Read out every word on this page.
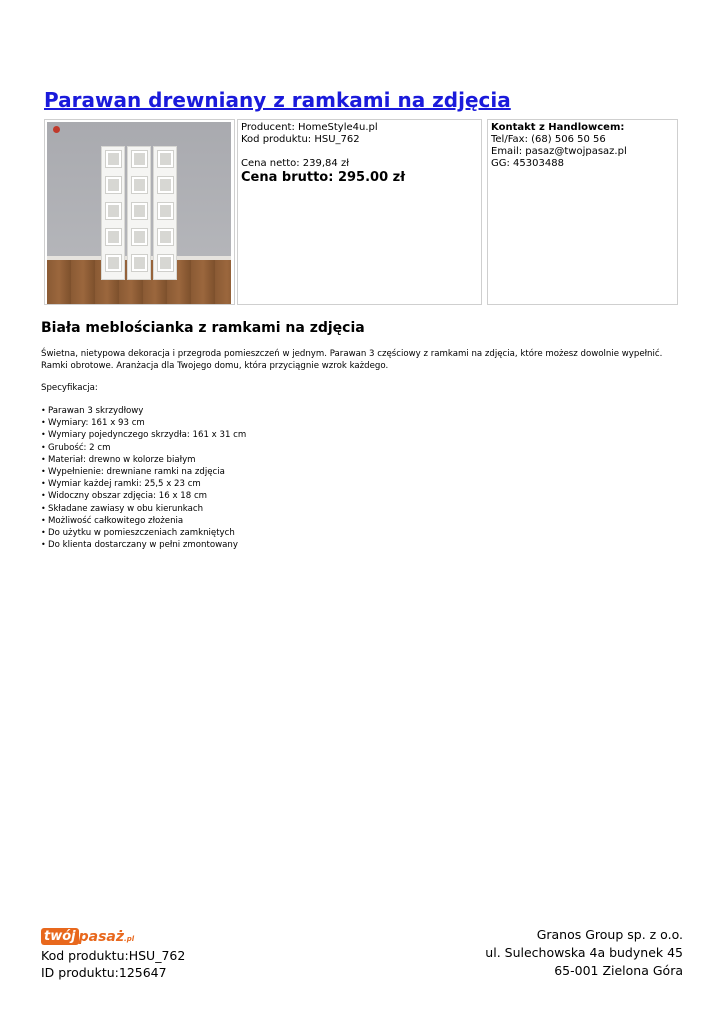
Parawan drewniany z ramkami na zdjęcia
Producent: HomeStyle4u.pl
Kod produktu: HSU_762
Cena netto: 239,84 zł
Cena brutto: 295.00 zł
Kontakt z Handlowcem:
Tel/Fax: (68) 506 50 56
Email: pasaz@twojpasaz.pl
GG: 45303488
Biała meblościanka z ramkami na zdjęcia
Świetna, nietypowa dekoracja i przegroda pomieszczeń w jednym. Parawan 3 częściowy z ramkami na zdjęcia, które możesz dowolnie wypełnić. Ramki obrotowe. Aranżacja dla Twojego domu, która przyciągnie wzrok każdego.
Specyfikacja:
• Parawan 3 skrzydłowy
• Wymiary: 161 x 93 cm
• Wymiary pojedynczego skrzydła: 161 x 31 cm
• Grubość: 2 cm
• Materiał: drewno w kolorze białym
• Wypełnienie: drewniane ramki na zdjęcia
• Wymiar każdej ramki: 25,5 x 23 cm
• Widoczny obszar zdjęcia: 16 x 18 cm
• Składane zawiasy w obu kierunkach
• Możliwość całkowitego złożenia
• Do użytku w pomieszczeniach zamkniętych
• Do klienta dostarczany w pełni zmontowany
twój pasaż.pl
Kod produktu:HSU_762
ID produktu:125647
Granos Group sp. z o.o.
ul. Sulechowska 4a budynek 45
65-001 Zielona Góra
